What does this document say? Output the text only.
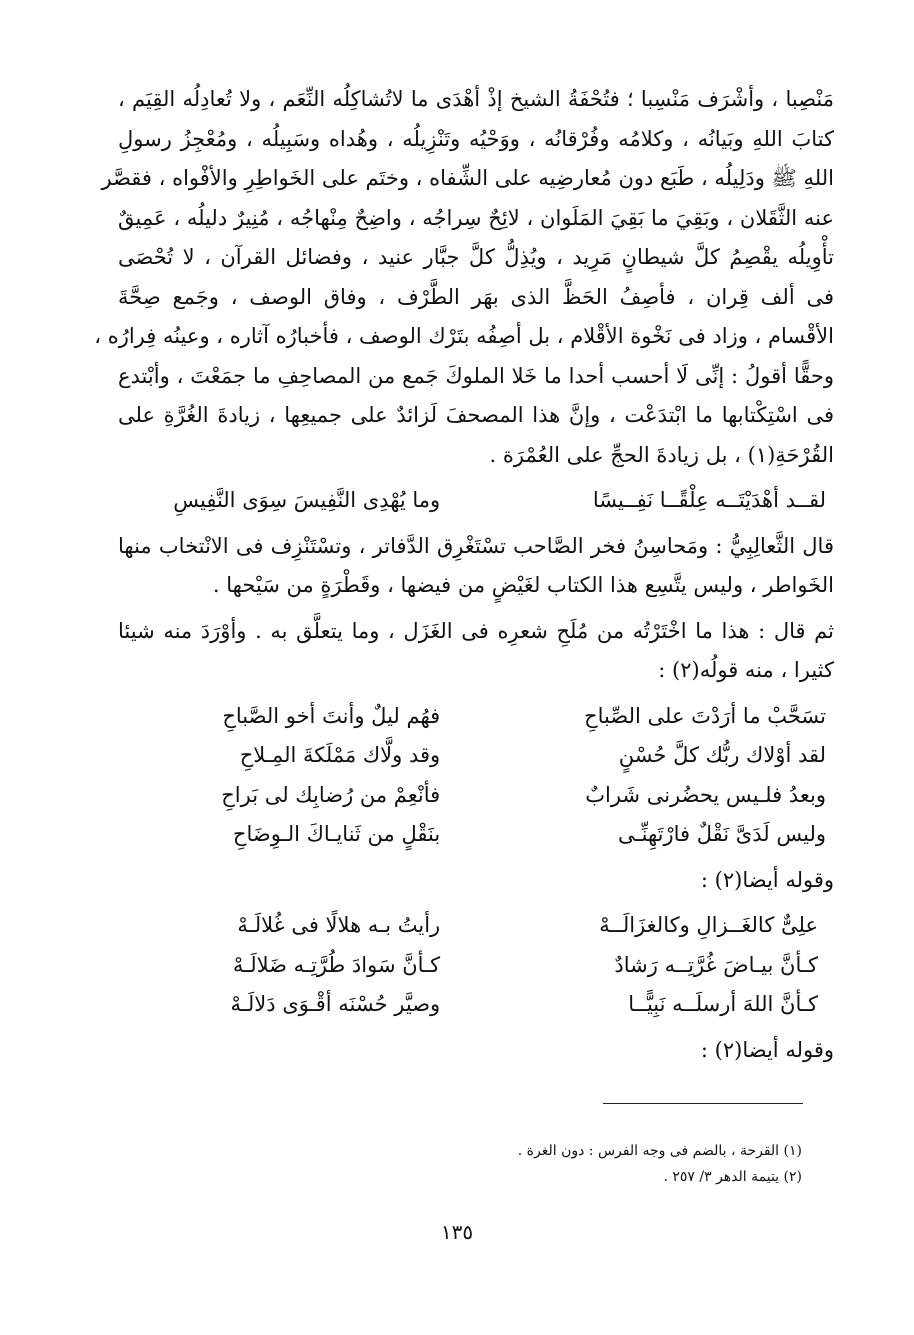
مَنْصِبا ، وأشْرَف مَنْسِبا ؛ فتُحْفَةُ الشيخ إذْ أهْدَى ما لاتُشاكِلُه النِّعَم ، ولا تُعادِلُه القِيَم ،
كتابَ اللهِ وبَيانُه ، وكلامُه وفُرْقانُه ، ووَحْيُه وتَنْزِيلُه ، وهُداه وسَبِيلُه ، ومُعْجِزُ رسولِ
اللهِ ﷺ ودَلِيلُه ، طَبَع دون مُعارضِيه على الشِّفاه ، وختَم على الخَواطِرِ والأفْواه ، فقصَّر
عنه الثَّقَلان ، وبَقِيَ ما بَقِيَ المَلَوان ، لائِحٌ سِراجُه ، واضِحٌ مِنْهاجُه ، مُنِيرٌ دليلُه ، عَمِيقٌ
تأْوِيلُه يقْصِمُ كلَّ شيطانٍ مَرِيد ، ويُذِلُّ كلَّ جبَّار عنيد ، وفضائل القرآن ، لا تُحْصَى
فى ألف قِران ، فأصِفُ الحَظَّ الذى بهَر الطَّرْف ، وفاق الوصف ، وجَمع صِحَّةَ
الأقْسام ، وزاد فى نَخْوة الأقْلام ، بل أصِفُه بتَرْك الوصف ، فأخبارُه آثاره ، وعينُه فِرارُه ،
وحقًّا أقولُ : إنِّى لَا أحسب أحدا ما خَلا الملوكَ جَمع من المصاحِفِ ما جمَعْتَ ، وأبْتدع
فى اسْتِكْتابها ما ابْتدَعْت ، وإنَّ هذا المصحفَ لَزائدٌ على جميعِها ، زيادةَ الغُرَّةِ على
القُرْحَةِ(١) ، بل زيادةَ الحجِّ على العُمْرَة .
لقــد أهْدَيْتَــه عِلْقًــا نَفِــيسًا
وما يُهْدِى النَّفِيسَ سِوَى النَّفِيسِ
قال الثَّعالِبِيُّ : ومَحاسِنُ فخر الصَّاحب تسْتَغْرِق الدَّفاتر ، وتسْتَنْزِف فى الانْتخاب منها
الخَواطر ، وليس يتَّسِع هذا الكتاب لغَيْضٍ من فيضها ، وقَطْرَةٍ من سَيْحها .
ثم قال : هذا ما اخْتَرْتُه من مُلَحِ شعرِه فى الغَزَل ، وما يتعلَّق به . وأوْرَدَ منه شيئا
كثيرا ، منه قولُه(٢) :
تسَحَّبْ ما أرَدْتَ على الصِّباحِ
فهُم ليلٌ وأنتَ أخو الصَّباحِ
لقد أوْلاك ربُّك كلَّ حُسْنٍ
وقد ولَّاك مَمْلَكةَ المِـلاحِ
وبعدُ فلـيس يحضُرنى شَرابٌ
فأنْعِمْ من رُضابِك لى بَراحِ
وليس لَدَىَّ نَقْلٌ فارْتَهِنِّـى
بنَقْلٍ من ثَنايـاكَ الـوِضَاحِ
وقوله أيضا(٢) :
علِىٌّ كالغَــزالِ وكالغزَالَــهْ
رأيتُ بـه هلالًا فى غُلالَـهْ
كـأنَّ بيـاضَ غُرَّتِــه رَشادٌ
كـأنَّ سَوادَ طُرَّتِـه ضَلالَـهْ
كـأنَّ اللهَ أرسلَــه نَبِيًّــا
وصيَّر حُسْنَه أقْـوَى دَلالَـهْ
وقوله أيضا(٢) :
(١) القرحة ، بالضم فى وجه الفرس : دون الغرة .
(٢) يتيمة الدهر ٣/ ٢٥٧ .
١٣٥
